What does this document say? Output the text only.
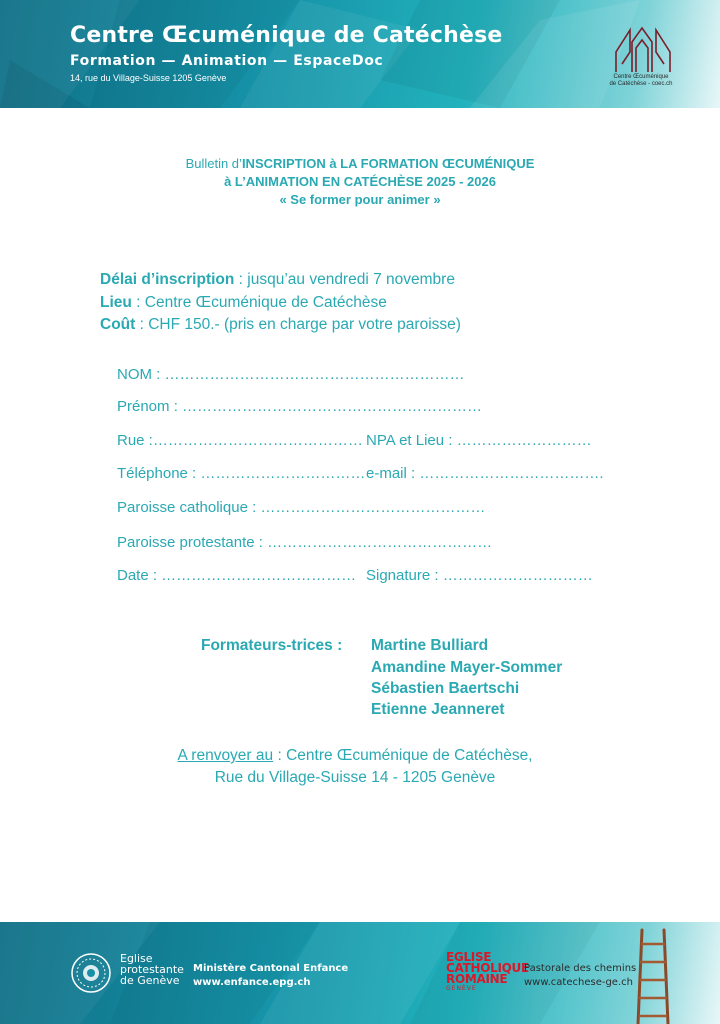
Centre Œcuménique de Catéchèse
Formation — Animation — EspaceDoc
14, rue du Village-Suisse 1205 Genève	Centre Œcuménique
de Catéchèse - coec.ch
Bulletin d’INSCRIPTION à LA FORMATION ŒCUMÉNIQUE
à L’ANIMATION EN CATÉCHÈSE 2025 - 2026
« Se former pour animer »
Délai d’inscription : jusqu’au vendredi 7 novembre
Lieu : Centre Œcuménique de Catéchèse
Coût : CHF 150.- (pris en charge par votre paroisse)
NOM : ……………………………………………………
Prénom : ……………………………………………………
Rue :…………………………………… NPA et Lieu : ………………………
Téléphone : …………………………… e-mail : ……………………………….
Paroisse catholique : ………………………………………
Paroisse protestante : ………………………………………
Date : ………………………………… Signature : …………………………
Formateurs-trices : Martine Bulliard
Amandine Mayer-Sommer
Sébastien Baertschi
Etienne Jeanneret
A renvoyer au : Centre Œcuménique de Catéchèse,
Rue du Village-Suisse 14 - 1205 Genève
Eglise
protestante
de Genève
Ministère Cantonal Enfance
www.enfance.epg.ch
EGLISE
CATHOLIQUE
ROMAINE
GENÈVE
Pastorale des chemins
www.catechese-ge.ch
